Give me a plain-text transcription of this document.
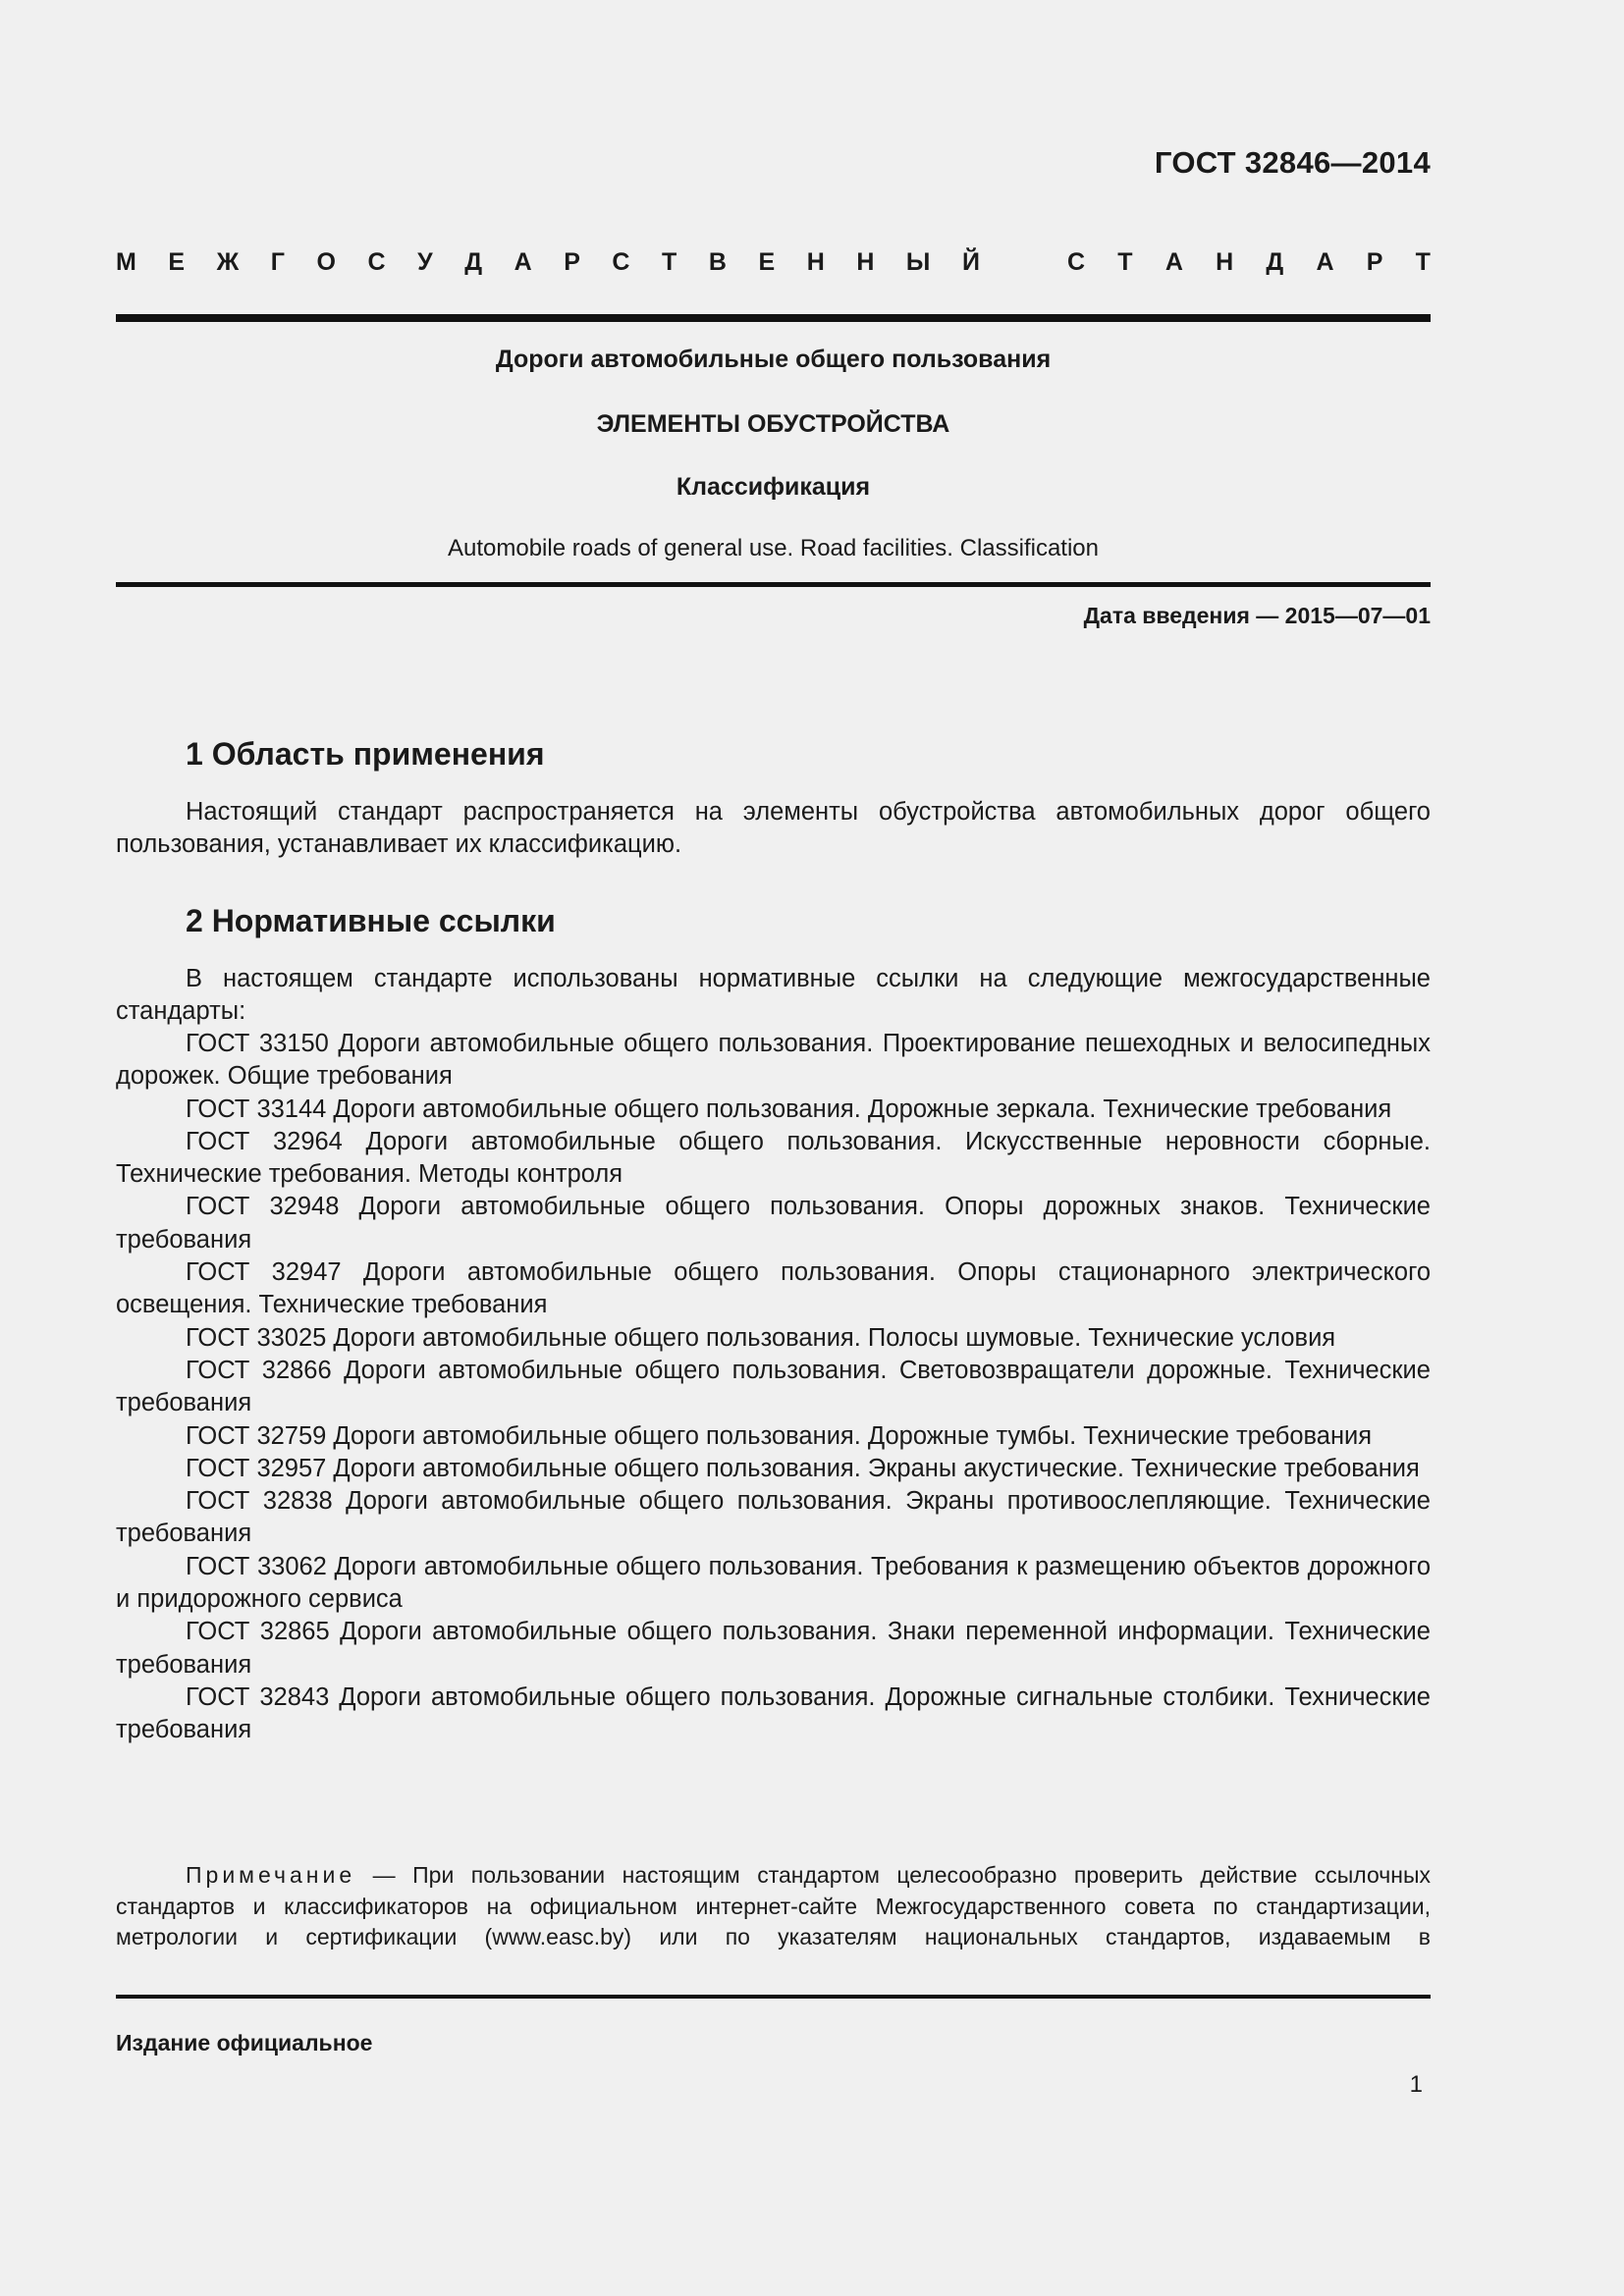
ГОСТ 32846—2014
М Е Ж Г О С У Д А Р С Т В Е Н Н Ы Й	С Т А Н Д А Р Т
Дороги автомобильные общего пользования
ЭЛЕМЕНТЫ ОБУСТРОЙСТВА
Классификация
Automobile roads of general use. Road facilities. Classification
Дата введения — 2015—07—01
1 Область применения
Настоящий стандарт распространяется на элементы обустройства автомобильных дорог общего пользования, устанавливает их классификацию.
2 Нормативные ссылки
В настоящем стандарте использованы нормативные ссылки на следующие межгосударственные стандарты:
ГОСТ 33150 Дороги автомобильные общего пользования. Проектирование пешеходных и велосипедных дорожек. Общие требования
ГОСТ 33144 Дороги автомобильные общего пользования. Дорожные зеркала. Технические требования
ГОСТ 32964 Дороги автомобильные общего пользования. Искусственные неровности сборные. Технические требования. Методы контроля
ГОСТ 32948 Дороги автомобильные общего пользования. Опоры дорожных знаков. Технические требования
ГОСТ 32947 Дороги автомобильные общего пользования. Опоры стационарного электрического освещения. Технические требования
ГОСТ 33025 Дороги автомобильные общего пользования. Полосы шумовые. Технические условия
ГОСТ 32866 Дороги автомобильные общего пользования. Световозвращатели дорожные. Технические требования
ГОСТ 32759 Дороги автомобильные общего пользования. Дорожные тумбы. Технические требования
ГОСТ 32957 Дороги автомобильные общего пользования. Экраны акустические. Технические требования
ГОСТ 32838 Дороги автомобильные общего пользования. Экраны противоослепляющие. Технические требования
ГОСТ 33062 Дороги автомобильные общего пользования. Требования к размещению объектов дорожного и придорожного сервиса
ГОСТ 32865 Дороги автомобильные общего пользования. Знаки переменной информации. Технические требования
ГОСТ 32843 Дороги автомобильные общего пользования. Дорожные сигнальные столбики. Технические требования
Примечание — При пользовании настоящим стандартом целесообразно проверить действие ссылочных стандартов и классификаторов на официальном интернет-сайте Межгосударственного совета по стандартизации, метрологии и сертификации (www.easc.by) или по указателям национальных стандартов, издаваемым в
Издание официальное
1
